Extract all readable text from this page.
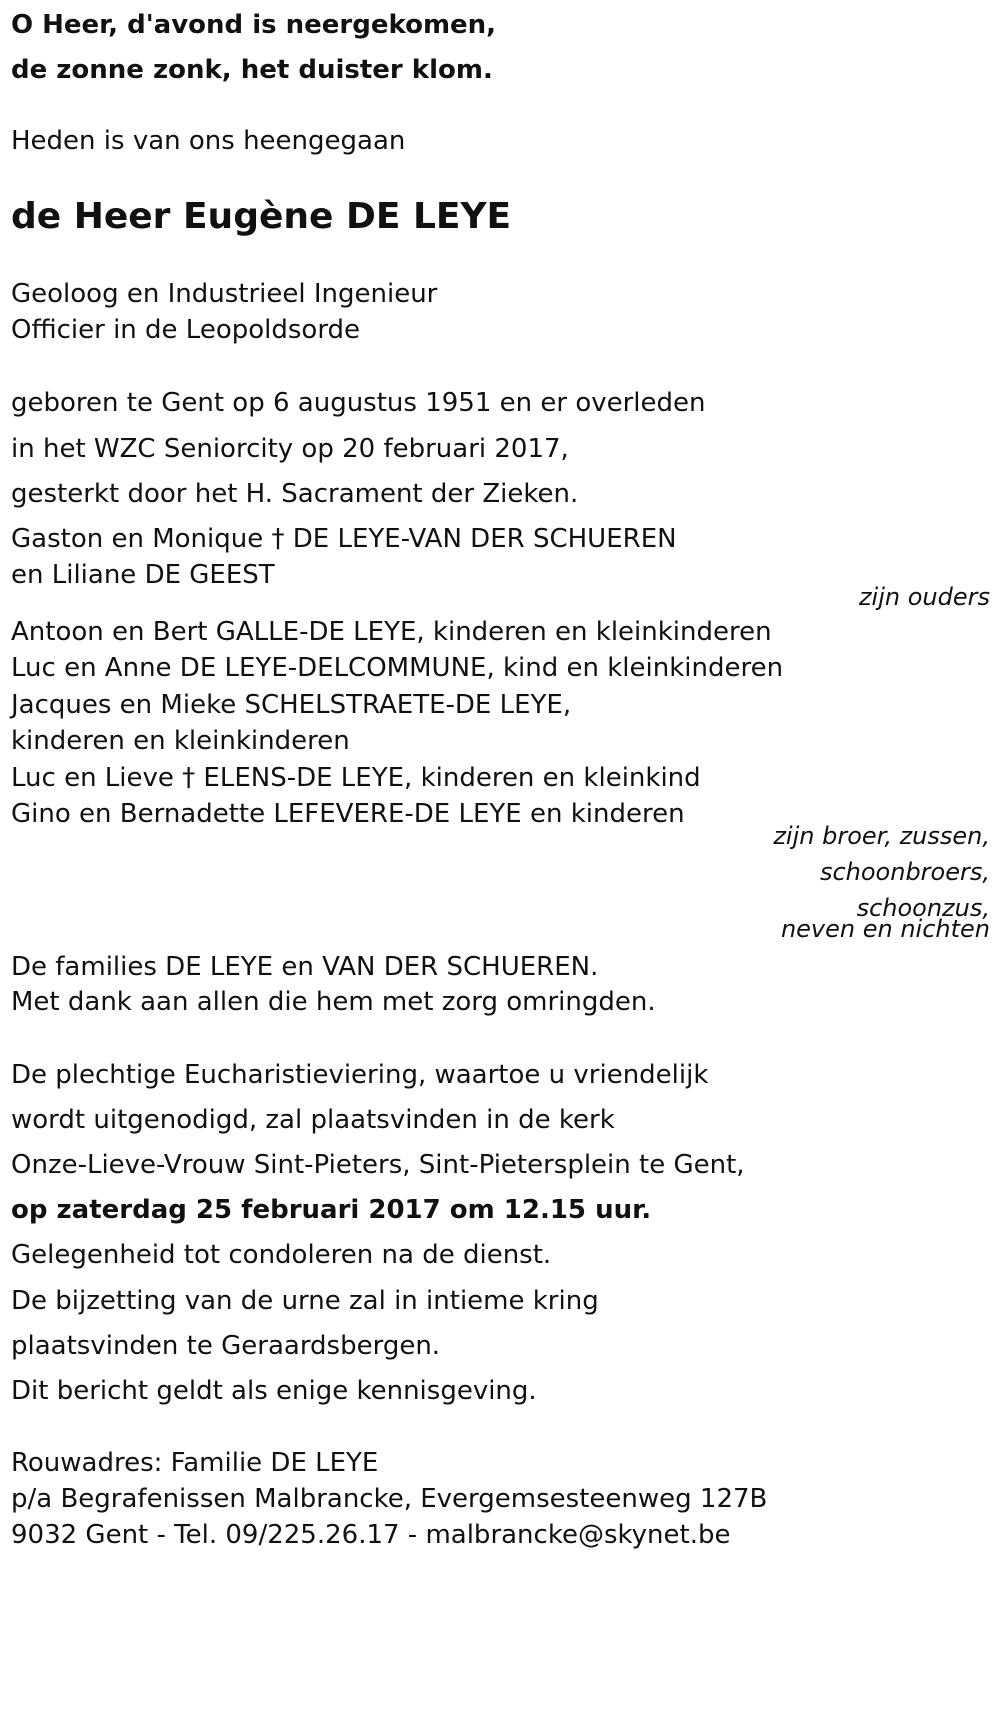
O Heer, d'avond is neergekomen,
de zonne zonk, het duister klom.
Heden is van ons heengegaan
de Heer Eugène DE LEYE
Geoloog en Industrieel Ingenieur
Officier in de Leopoldsorde
geboren te Gent op 6 augustus 1951 en er overleden
in het WZC Seniorcity op 20 februari 2017,
gesterkt door het H. Sacrament der Zieken.
Gaston en Monique † DE LEYE-VAN DER SCHUEREN
en Liliane DE GEEST
zijn ouders
Antoon en Bert GALLE-DE LEYE, kinderen en kleinkinderen
Luc en Anne DE LEYE-DELCOMMUNE, kind en kleinkinderen
Jacques en Mieke SCHELSTRAETE-DE LEYE,
kinderen en kleinkinderen
Luc en Lieve † ELENS-DE LEYE, kinderen en kleinkind
Gino en Bernadette LEFEVERE-DE LEYE en kinderen
zijn broer, zussen,
schoonbroers,
schoonzus,
neven en nichten
De families DE LEYE en VAN DER SCHUEREN.
Met dank aan allen die hem met zorg omringden.
De plechtige Eucharistieviering, waartoe u vriendelijk
wordt uitgenodigd, zal plaatsvinden in de kerk
Onze-Lieve-Vrouw Sint-Pieters, Sint-Pietersplein te Gent,
op zaterdag 25 februari 2017 om 12.15 uur.
Gelegenheid tot condoleren na de dienst.
De bijzetting van de urne zal in intieme kring
plaatsvinden te Geraardsbergen.
Dit bericht geldt als enige kennisgeving.
Rouwadres: Familie DE LEYE
p/a Begrafenissen Malbrancke, Evergemsesteenweg 127B
9032 Gent - Tel. 09/225.26.17 - malbrancke@skynet.be
